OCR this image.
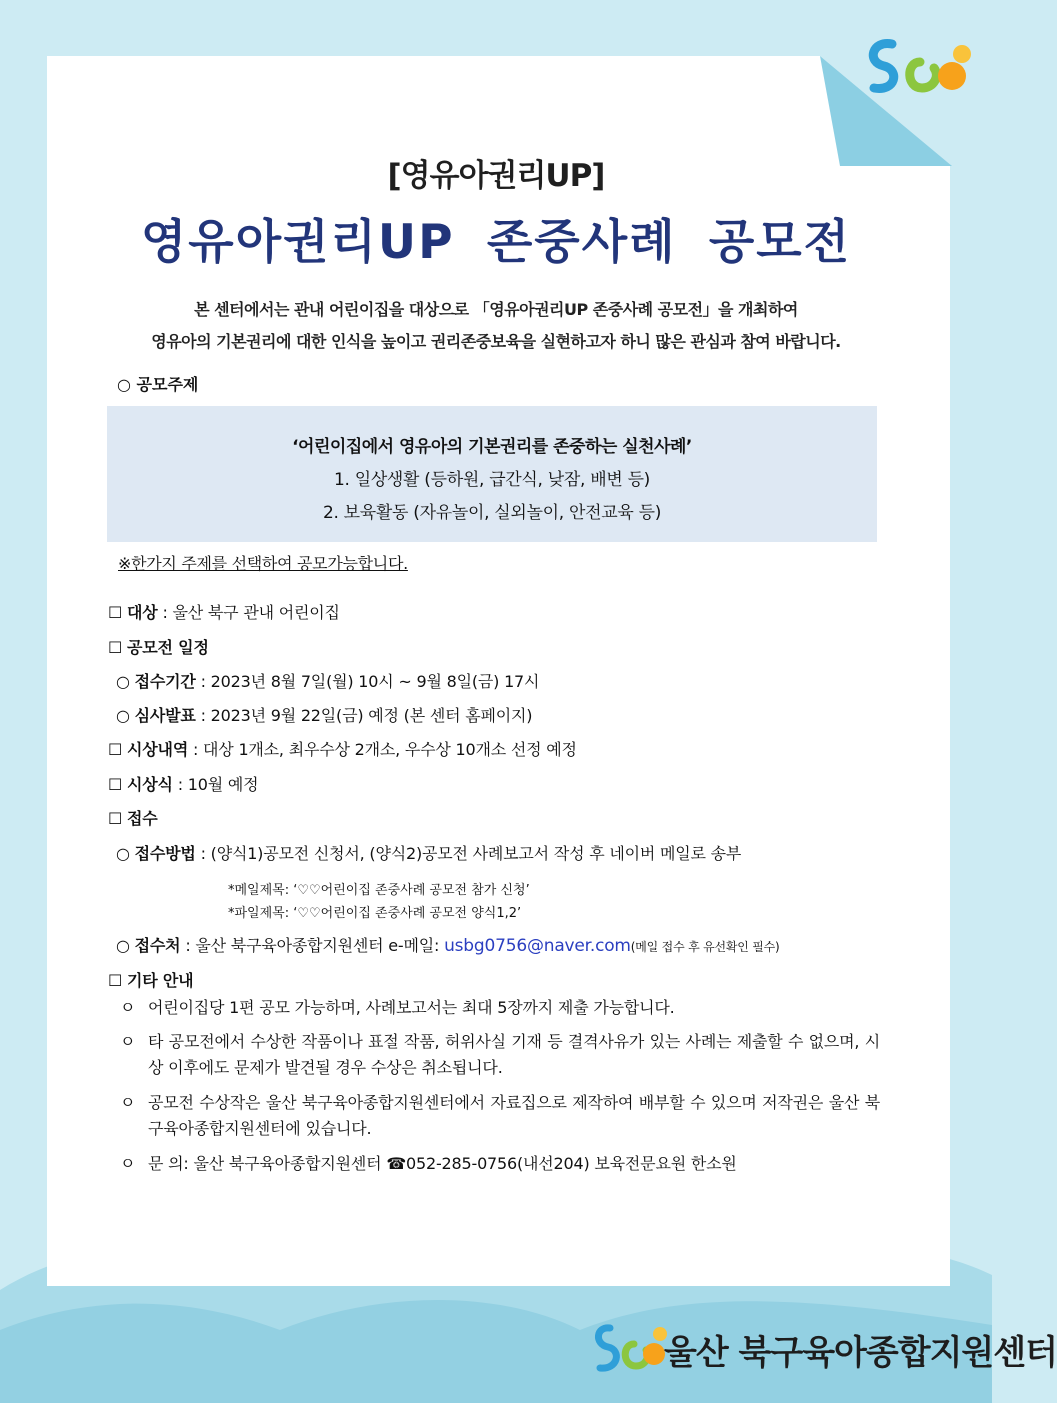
[영유아권리UP]
영유아권리UP 존중사례 공모전
본 센터에서는 관내 어린이집을 대상으로 「영유아권리UP 존중사례 공모전」을 개최하여
영유아의 기본권리에 대한 인식을 높이고 권리존중보육을 실현하고자 하니 많은 관심과 참여 바랍니다.
○ 공모주제
‘어린이집에서 영유아의 기본권리를 존중하는 실천사례’
1. 일상생활 (등하원, 급간식, 낮잠, 배변 등)
2. 보육활동 (자유놀이, 실외놀이, 안전교육 등)
※한가지 주제를 선택하여 공모가능합니다.
☐ 대상 : 울산 북구 관내 어린이집
☐ 공모전 일정
○ 접수기간 : 2023년 8월 7일(월) 10시 ~ 9월 8일(금) 17시
○ 심사발표 : 2023년 9월 22일(금) 예정 (본 센터 홈페이지)
☐ 시상내역 : 대상 1개소, 최우수상 2개소, 우수상 10개소 선정 예정
☐ 시상식 : 10월 예정
☐ 접수
○ 접수방법 : (양식1)공모전 신청서, (양식2)공모전 사례보고서 작성 후 네이버 메일로 송부
*메일제목: ‘♡♡어린이집 존중사례 공모전 참가 신청’
*파일제목: ‘♡♡어린이집 존중사례 공모전 양식1,2’
○ 접수처 : 울산 북구육아종합지원센터 e-메일: usbg0756@naver.com(메일 접수 후 유선확인 필수)
☐ 기타 안내
ㅇ 어린이집당 1편 공모 가능하며, 사례보고서는 최대 5장까지 제출 가능합니다.
ㅇ 타 공모전에서 수상한 작품이나 표절 작품, 허위사실 기재 등 결격사유가 있는 사례는 제출할 수 없으며, 시상 이후에도 문제가 발견될 경우 수상은 취소됩니다.
ㅇ 공모전 수상작은 울산 북구육아종합지원센터에서 자료집으로 제작하여 배부할 수 있으며 저작권은 울산 북구육아종합지원센터에 있습니다.
ㅇ 문 의: 울산 북구육아종합지원센터 ☎052-285-0756(내선204) 보육전문요원 한소원
울산 북구육아종합지원센터
